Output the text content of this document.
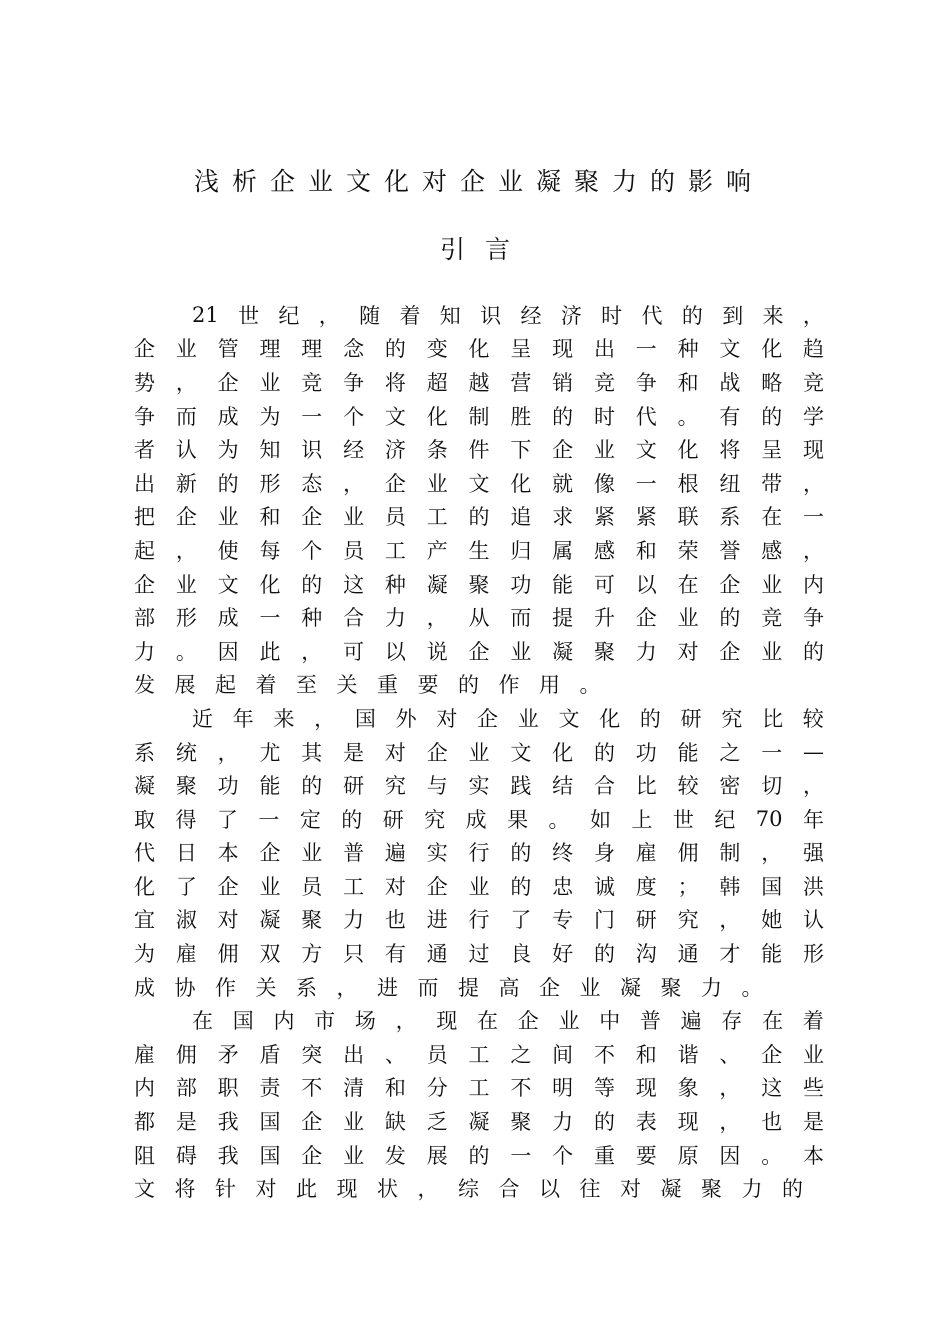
浅析企业文化对企业凝聚力的影响
引言
21 世 纪 ， 随 着 知 识 经 济 时 代 的 到 来 ，
企 业 管 理 理 念 的 变 化 呈 现 出 一 种 文 化 趋
势 ， 企 业 竞 争 将 超 越 营 销 竞 争 和 战 略 竞
争 而 成 为 一 个 文 化 制 胜 的 时 代 。 有 的 学
者 认 为 知 识 经 济 条 件 下 企 业 文 化 将 呈 现
出 新 的 形 态 ， 企 业 文 化 就 像 一 根 纽 带 ，
把 企 业 和 企 业 员 工 的 追 求 紧 紧 联 系 在 一
起 ， 使 每 个 员 工 产 生 归 属 感 和 荣 誉 感 ，
企 业 文 化 的 这 种 凝 聚 功 能 可 以 在 企 业 内
部 形 成 一 种 合 力 ， 从 而 提 升 企 业 的 竞 争
力 。 因 此 ， 可 以 说 企 业 凝 聚 力 对 企 业 的
发 展 起 着 至 关 重 要 的 作 用 。
近 年 来 ， 国 外 对 企 业 文 化 的 研 究 比 较
系 统 ， 尤 其 是 对 企 业 文 化 的 功 能 之 一 —
凝 聚 功 能 的 研 究 与 实 践 结 合 比 较 密 切 ，
取 得 了 一 定 的 研 究 成 果 。 如 上 世 纪 70 年
代 日 本 企 业 普 遍 实 行 的 终 身 雇 佣 制 ， 强
化 了 企 业 员 工 对 企 业 的 忠 诚 度 ； 韩 国 洪
宜 淑 对 凝 聚 力 也 进 行 了 专 门 研 究 ， 她 认
为 雇 佣 双 方 只 有 通 过 良 好 的 沟 通 才 能 形
成 协 作 关 系 ， 进 而 提 高 企 业 凝 聚 力 。
在 国 内 市 场 ， 现 在 企 业 中 普 遍 存 在 着
雇 佣 矛 盾 突 出 、 员 工 之 间 不 和 谐 、 企 业
内 部 职 责 不 清 和 分 工 不 明 等 现 象 ， 这 些
都 是 我 国 企 业 缺 乏 凝 聚 力 的 表 现 ， 也 是
阻 碍 我 国 企 业 发 展 的 一 个 重 要 原 因 。 本
文 将 针 对 此 现 状 ， 综 合 以 往 对 凝 聚 力 的
